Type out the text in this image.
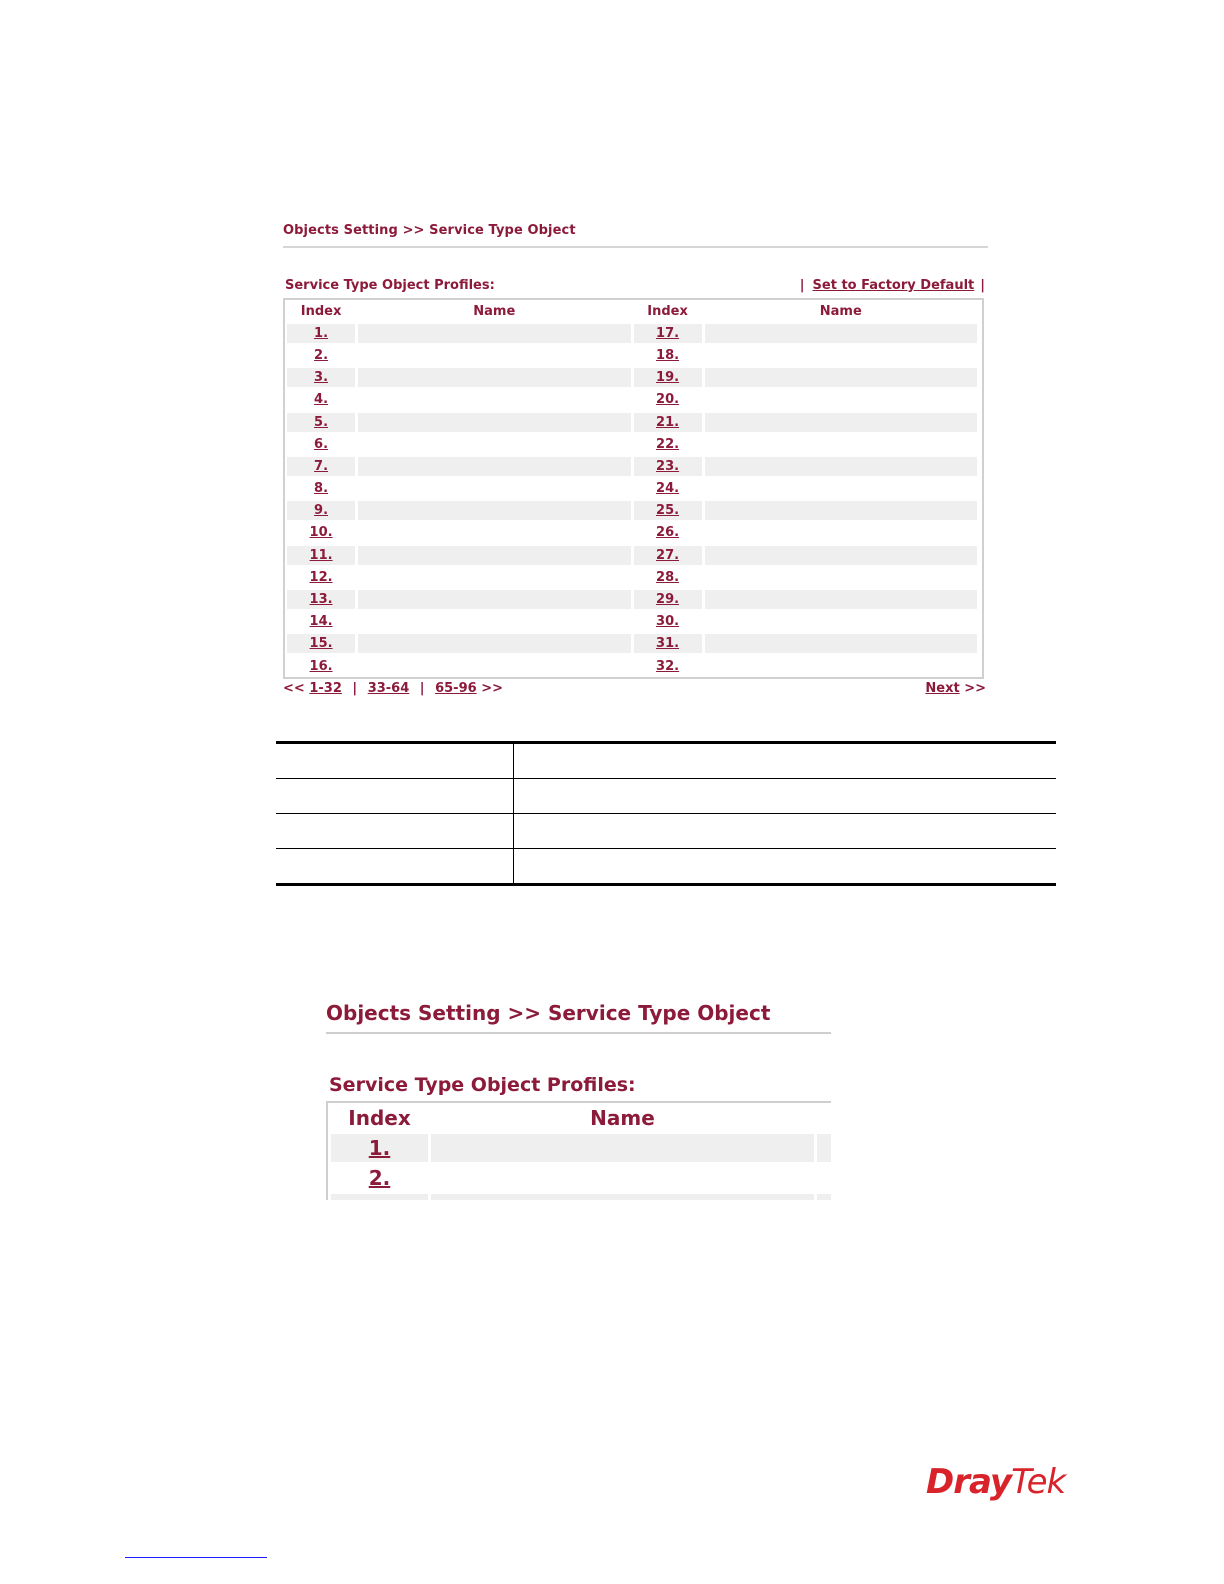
Objects Setting >> Service Type Object
Service Type Object Profiles:	| Set to Factory Default |
Index	Name	Index	Name
1.	17.
2.	18.
3.	19.
4.	20.
5.	21.
6.	22.
7.	23.
8.	24.
9.	25.
10.	26.
11.	27.
12.	28.
13.	29.
14.	30.
15.	31.
16.	32.
<< 1-32 | 33-64 | 65-96 >>	Next >>

Objects Setting >> Service Type Object
Service Type Object Profiles:
Index	Name
1.
2.
DrayTek
